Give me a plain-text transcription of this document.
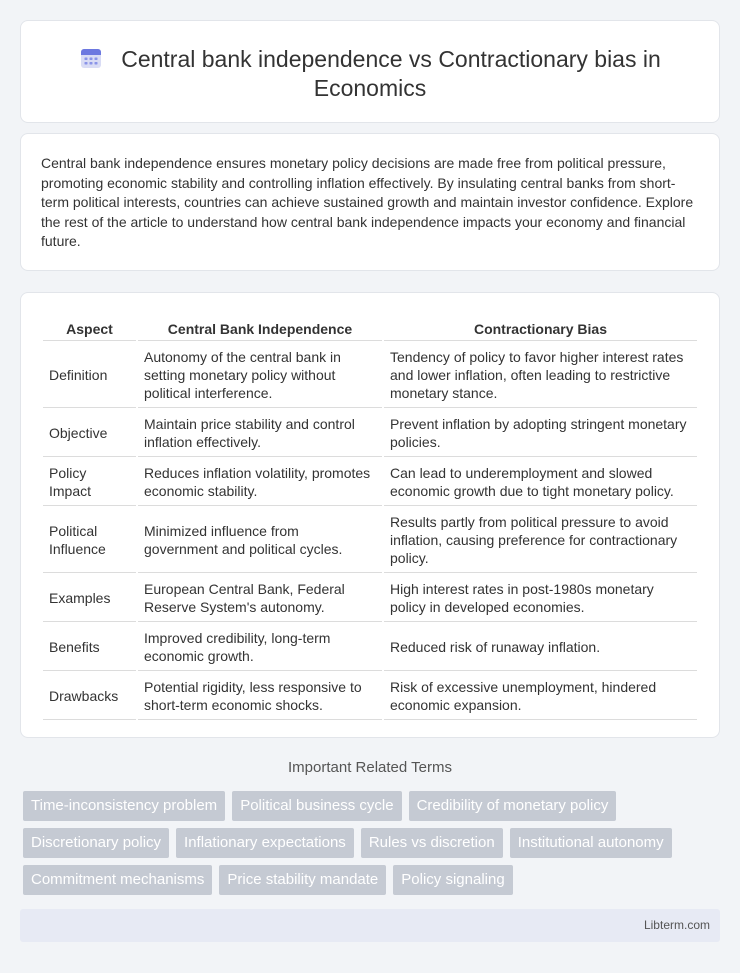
Central bank independence vs Contractionary bias in Economics

Central bank independence ensures monetary policy decisions are made free from political pressure, promoting economic stability and controlling inflation effectively. By insulating central banks from short-term political interests, countries can achieve sustained growth and maintain investor confidence. Explore the rest of the article to understand how central bank independence impacts your economy and financial future.

Aspect	Central Bank Independence	Contractionary Bias
Definition	Autonomy of the central bank in setting monetary policy without political interference.	Tendency of policy to favor higher interest rates and lower inflation, often leading to restrictive monetary stance.
Objective	Maintain price stability and control inflation effectively.	Prevent inflation by adopting stringent monetary policies.
Policy Impact	Reduces inflation volatility, promotes economic stability.	Can lead to underemployment and slowed economic growth due to tight monetary policy.
Political Influence	Minimized influence from government and political cycles.	Results partly from political pressure to avoid inflation, causing preference for contractionary policy.
Examples	European Central Bank, Federal Reserve System's autonomy.	High interest rates in post-1980s monetary policy in developed economies.
Benefits	Improved credibility, long-term economic growth.	Reduced risk of runaway inflation.
Drawbacks	Potential rigidity, less responsive to short-term economic shocks.	Risk of excessive unemployment, hindered economic expansion.
Important Related Terms
Time-inconsistency problem	Political business cycle	Credibility of monetary policy
Discretionary policy	Inflationary expectations	Rules vs discretion	Institutional autonomy
Commitment mechanisms	Price stability mandate	Policy signaling
Libterm.com
